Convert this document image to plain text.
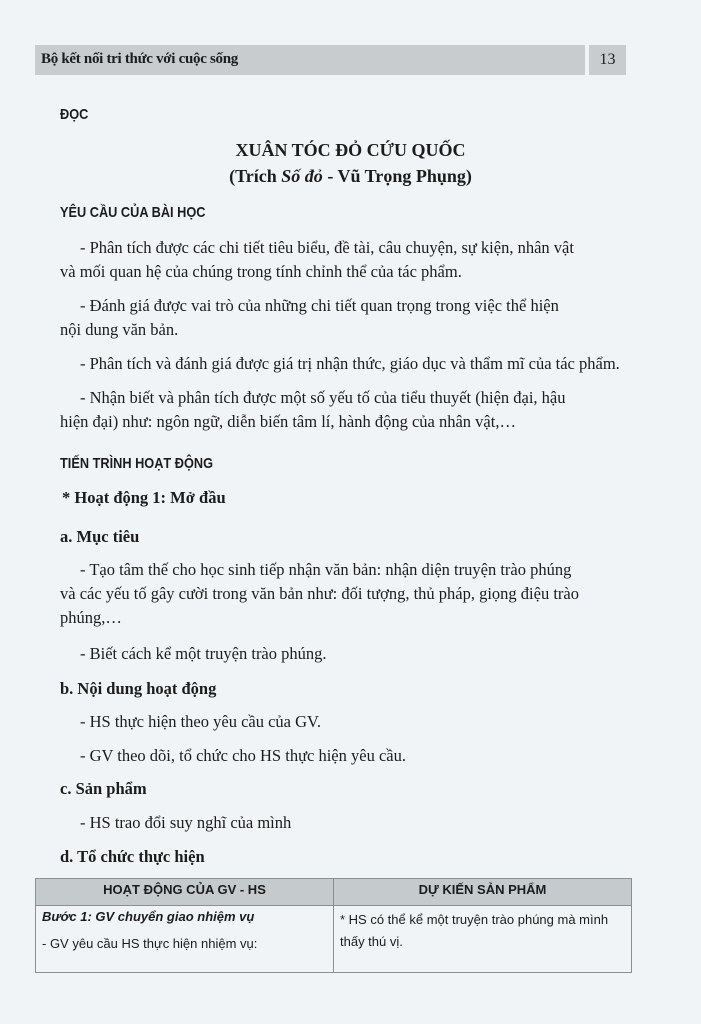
Bộ kết nối tri thức với cuộc sống	13
ĐỌC
XUÂN TÓC ĐỎ CỨU QUỐC
(Trích Số đỏ - Vũ Trọng Phụng)
YÊU CẦU CỦA BÀI HỌC
- Phân tích được các chi tiết tiêu biểu, đề tài, câu chuyện, sự kiện, nhân vật
và mối quan hệ của chúng trong tính chỉnh thể của tác phẩm.
- Đánh giá được vai trò của những chi tiết quan trọng trong việc thể hiện
nội dung văn bản.
- Phân tích và đánh giá được giá trị nhận thức, giáo dục và thẩm mĩ của tác phẩm.
- Nhận biết và phân tích được một số yếu tố của tiểu thuyết (hiện đại, hậu
hiện đại) như: ngôn ngữ, diễn biến tâm lí, hành động của nhân vật,…
TIẾN TRÌNH HOẠT ĐỘNG
* Hoạt động 1: Mở đầu
a. Mục tiêu
- Tạo tâm thế cho học sinh tiếp nhận văn bản: nhận diện truyện trào phúng
và các yếu tố gây cười trong văn bản như: đối tượng, thủ pháp, giọng điệu trào
phúng,…
- Biết cách kể một truyện trào phúng.
b. Nội dung hoạt động
- HS thực hiện theo yêu cầu của GV.
- GV theo dõi, tổ chức cho HS thực hiện yêu cầu.
c. Sản phẩm
- HS trao đổi suy nghĩ của mình
d. Tổ chức thực hiện
HOẠT ĐỘNG CỦA GV - HS	DỰ KIẾN SẢN PHẨM

Bước 1: GV chuyển giao nhiệm vụ
- GV yêu cầu HS thực hiện nhiệm vụ:	* HS có thể kể một truyện trào phúng mà mình thấy thú vị.
